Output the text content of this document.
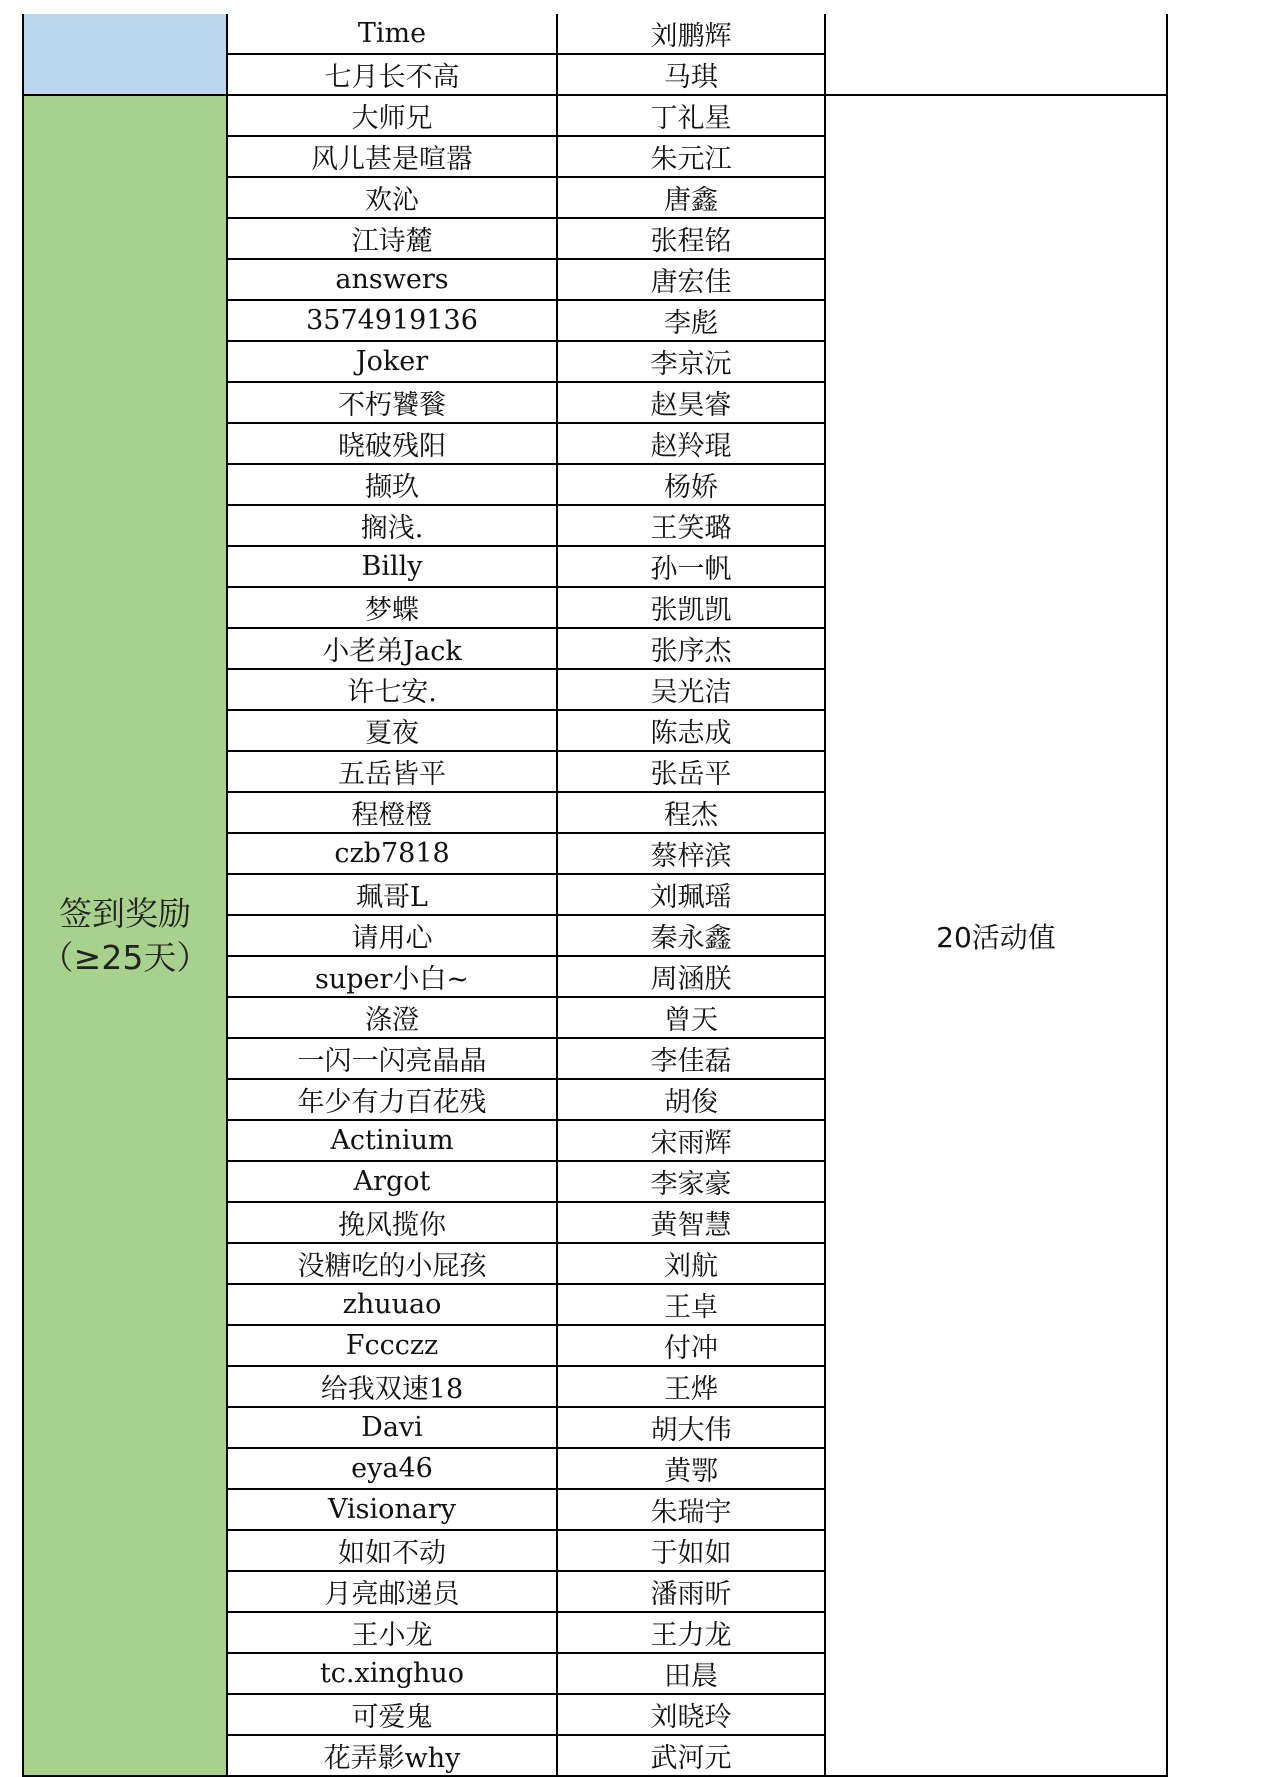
	Time	刘鹏辉	
	七月长不高	马琪	

签到奖励
（≥25天）	大师兄	丁礼星	20活动值
	风儿甚是喧嚣	朱元江	
	欢沁	唐鑫	
	江诗麓	张程铭	
	answers	唐宏佳	
	3574919136	李彪	
	Joker	李京沅	
	不朽饕餮	赵昊睿	
	晓破残阳	赵羚琨	
	撷玖	杨娇	
	搁浅.	王笑璐	
	Billy	孙一帆	
	梦蝶	张凯凯	
	小老弟Jack	张序杰	
	许七安.	吴光洁	
	夏夜	陈志成	
	五岳皆平	张岳平	
	程橙橙	程杰	
	czb7818	蔡梓滨	
	珮哥L	刘珮瑶	
	请用心	秦永鑫	
	super小白~	周涵朕	
	涤澄	曾天	
	一闪一闪亮晶晶	李佳磊	
	年少有力百花残	胡俊	
	Actinium	宋雨辉	
	Argot	李家豪	
	挽风揽你	黄智慧	
	没糖吃的小屁孩	刘航	
	zhuuao	王卓	
	Fccczz	付冲	
	给我双速18	王烨	
	Davi	胡大伟	
	eya46	黄鄂	
	Visionary	朱瑞宇	
	如如不动	于如如	
	月亮邮递员	潘雨昕	
	王小龙	王力龙	
	tc.xinghuo	田晨	
	可爱鬼	刘晓玲	
	花弄影why	武河元	
